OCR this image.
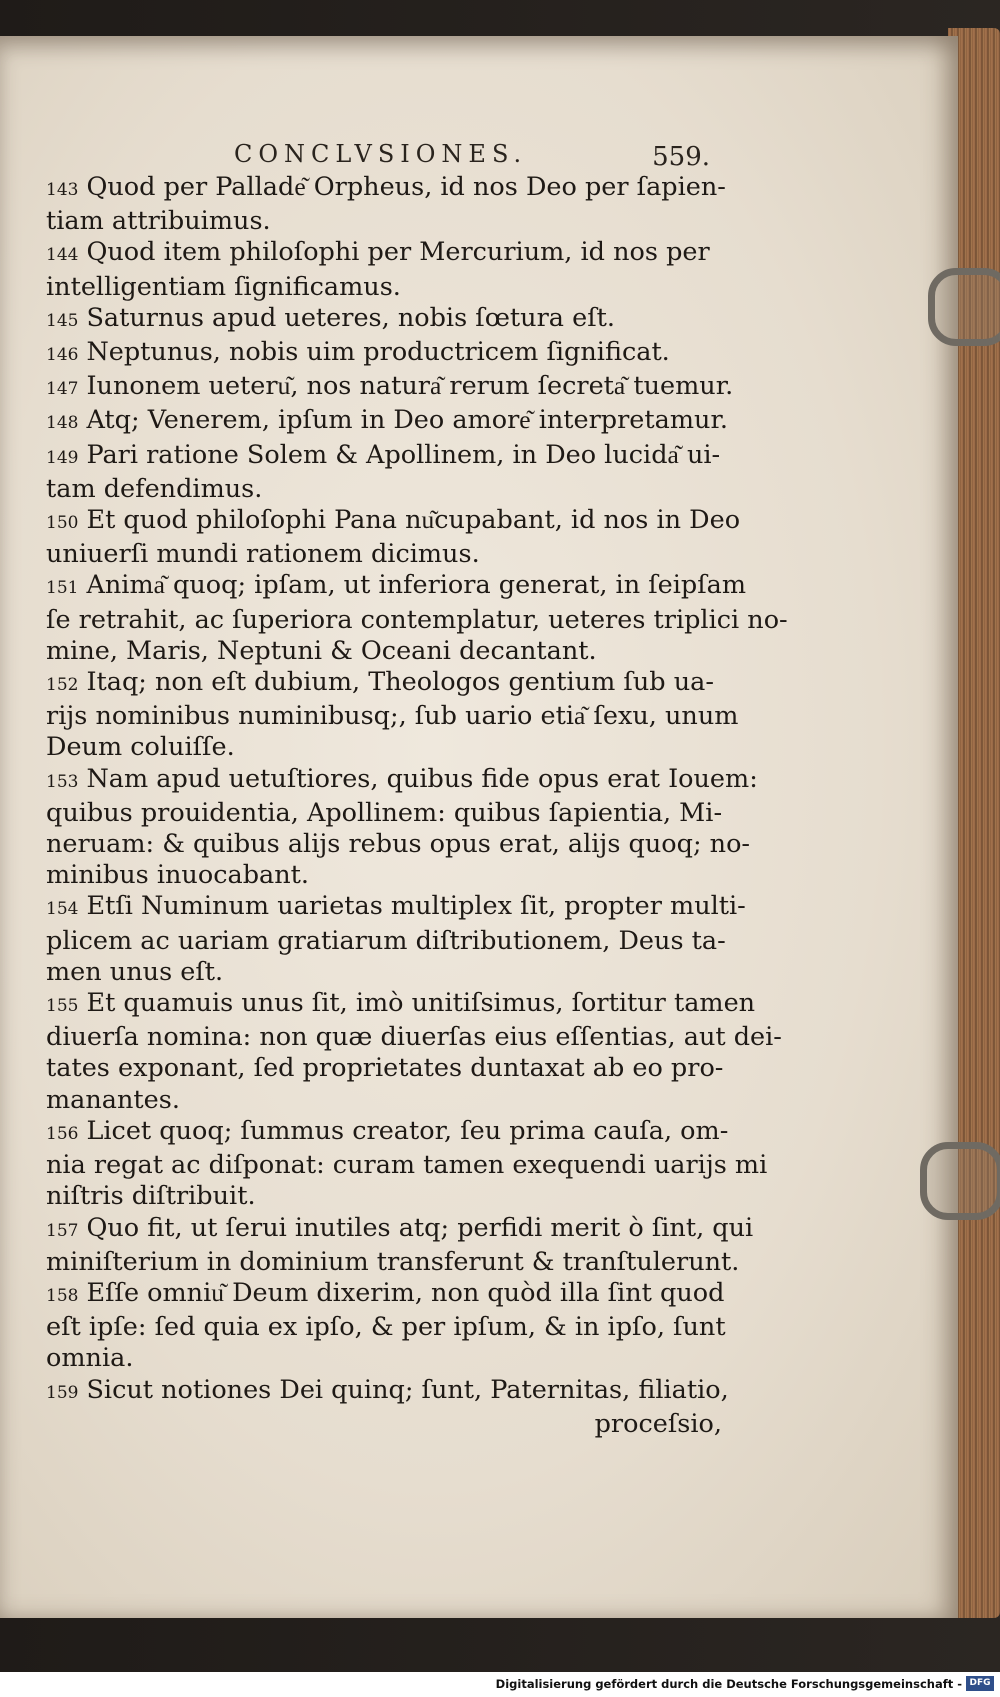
CONCLVSIONES.	559.
143 Quod per Pallade͂ Orpheus, id nos Deo per ſapien-
tiam attribuimus.
144 Quod item philoſophi per Mercurium, id nos per
intelligentiam ſignificamus.
145 Saturnus apud ueteres, nobis ſœtura eſt.
146 Neptunus, nobis uim productricem ſignificat.
147 Iunonem ueteru͂, nos natura͂ rerum ſecreta͂ tuemur.
148 Atq; Venerem, ipſum in Deo amore͂ interpretamur.
149 Pari ratione Solem & Apollinem, in Deo lucida͂ ui-
tam defendimus.
150 Et quod philoſophi Pana nu͂cupabant, id nos in Deo
uniuerſi mundi rationem dicimus.
151 Anima͂ quoq; ipſam, ut inferiora generat, in ſeipſam
ſe retrahit, ac ſuperiora contemplatur, ueteres triplici no-
mine, Maris, Neptuni & Oceani decantant.
152 Itaq; non eſt dubium, Theologos gentium ſub ua-
rijs nominibus numinibusq;, ſub uario etia͂ ſexu, unum
Deum coluiſſe.
153 Nam apud uetuſtiores, quibus fide opus erat Iouem:
quibus prouidentia, Apollinem: quibus ſapientia, Mi-
neruam: & quibus alijs rebus opus erat, alijs quoq; no-
minibus inuocabant.
154 Etſi Numinum uarietas multiplex ſit, propter multi-
plicem ac uariam gratiarum diſtributionem, Deus ta-
men unus eſt.
155 Et quamuis unus ſit, imò unitiſsimus, ſortitur tamen
diuerſa nomina: non quæ diuerſas eius eſſentias, aut dei-
tates exponant, ſed proprietates duntaxat ab eo pro-
manantes.
156 Licet quoq; ſummus creator, ſeu prima cauſa, om-
nia regat ac diſponat: curam tamen exequendi uarijs mi
niſtris diſtribuit.
157 Quo fit, ut ſerui inutiles atq; perfidi merit ò ſint, qui
miniſterium in dominium transferunt & tranſtulerunt.
158 Eſſe omniu͂ Deum dixerim, non quòd illa ſint quod
eſt ipſe: ſed quia ex ipſo, & per ipſum, & in ipſo, ſunt
omnia.
159 Sicut notiones Dei quinq; ſunt, Paternitas, filiatio,
proceſsio,
Digitalisierung gefördert durch die Deutsche Forschungsgemeinschaft - DFG
